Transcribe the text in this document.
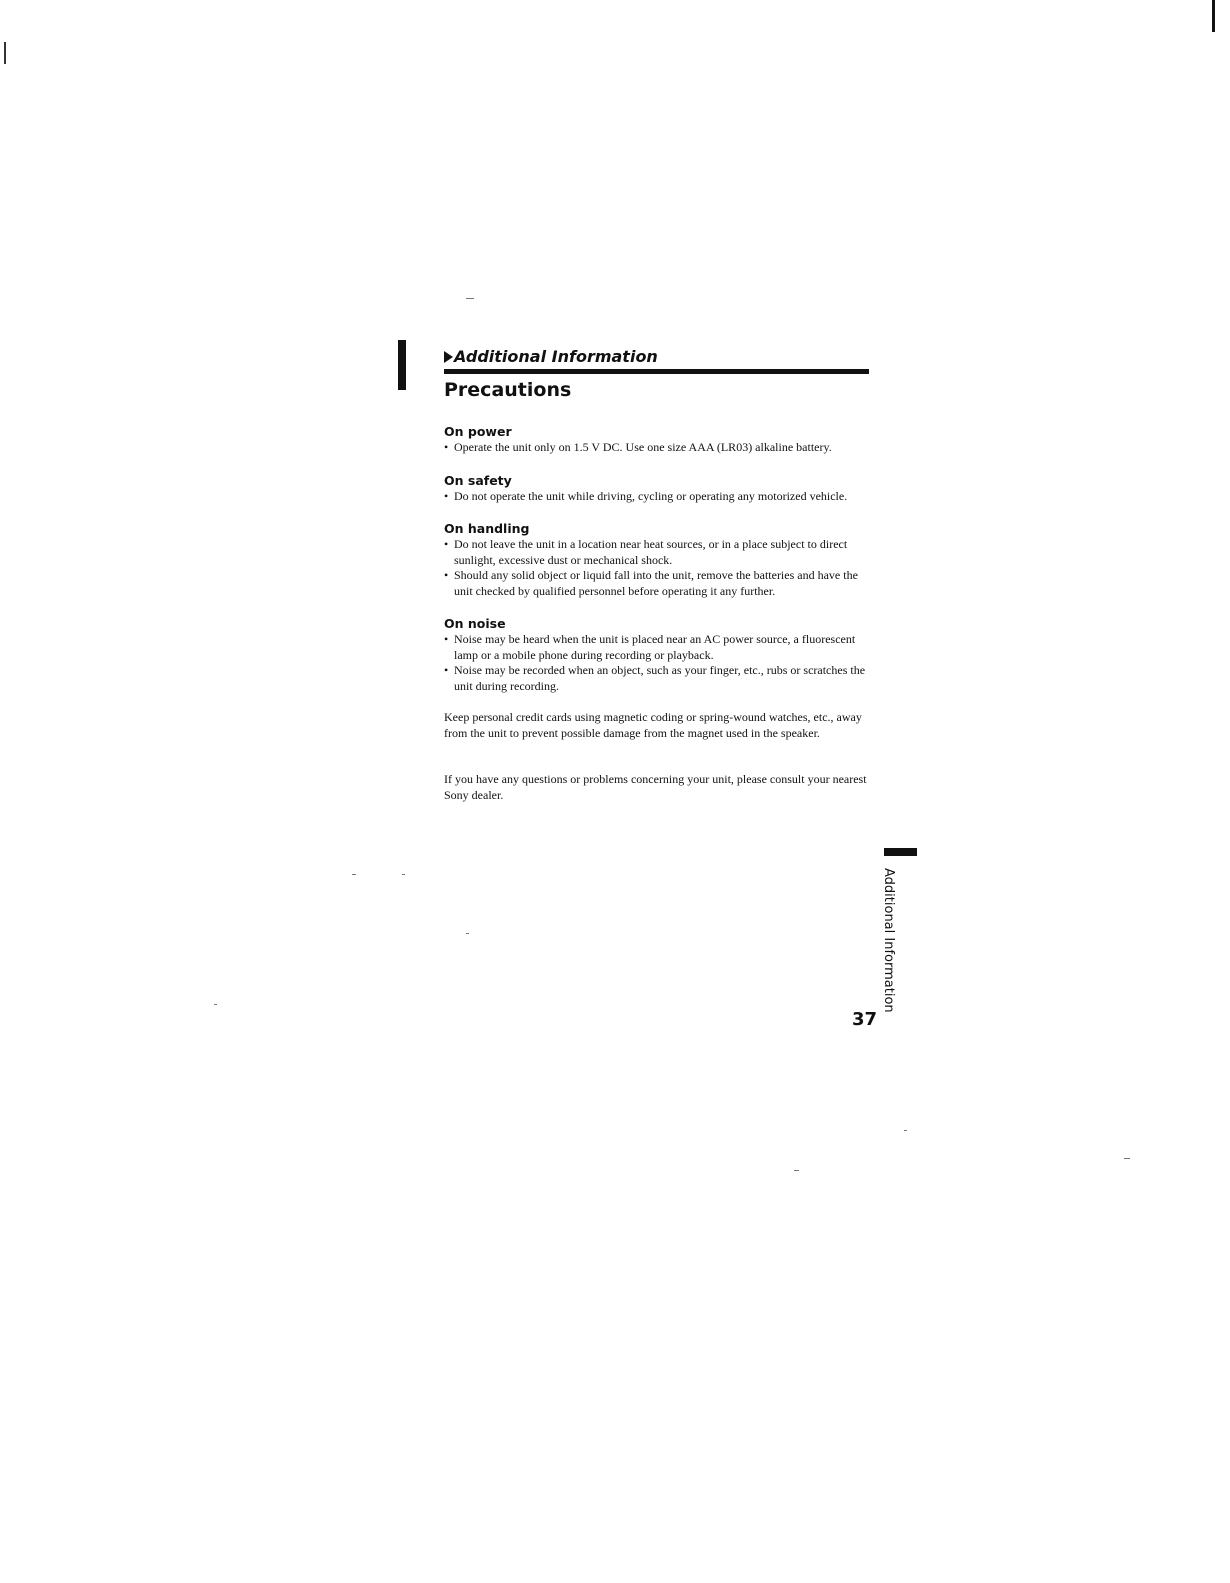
Additional Information
Precautions
On power
• Operate the unit only on 1.5 V DC. Use one size AAA (LR03) alkaline battery.
On safety
• Do not operate the unit while driving, cycling or operating any motorized vehicle.
On handling
• Do not leave the unit in a location near heat sources, or in a place subject to direct sunlight, excessive dust or mechanical shock.
• Should any solid object or liquid fall into the unit, remove the batteries and have the unit checked by qualified personnel before operating it any further.
On noise
• Noise may be heard when the unit is placed near an AC power source, a fluorescent lamp or a mobile phone during recording or playback.
• Noise may be recorded when an object, such as your finger, etc., rubs or scratches the unit during recording.

Keep personal credit cards using magnetic coding or spring-wound watches, etc., away from the unit to prevent possible damage from the magnet used in the speaker.

If you have any questions or problems concerning your unit, please consult your nearest Sony dealer.

Additional Information
37
